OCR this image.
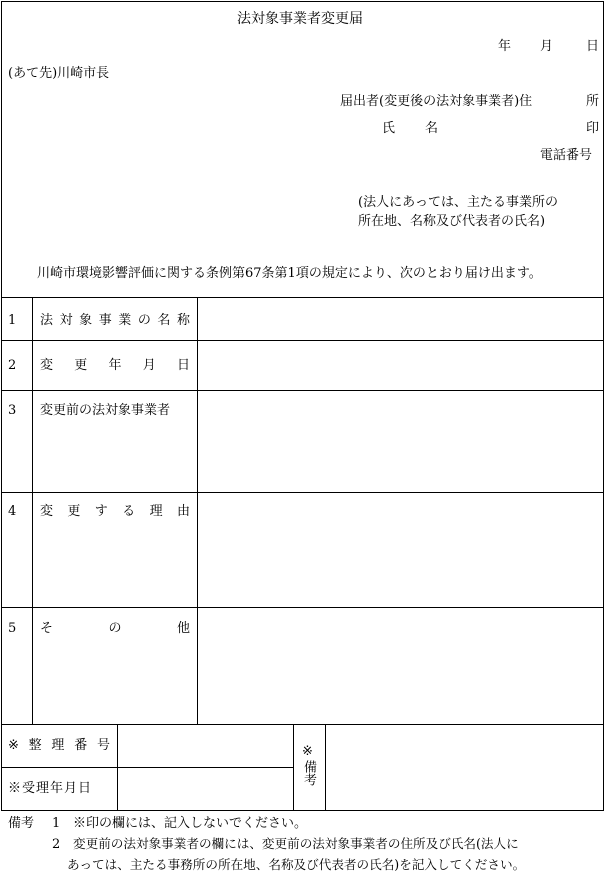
法対象事業者変更届
年 月	日
(あて先)川崎市長
届出者(変更後の法対象事業者)住	所
氏 名	印
電話番号
(法人にあっては、主たる事業所の
所在地、名称及び代表者の氏名)
川崎市環境影響評価に関する条例第67条第1項の規定により、次のとおり届け出ます。
1 法 対 象 事 業 の 名 称
2 変 更 年 月 日
3 変更前の法対象事業者
4 変 更 す る 理 由
5 そ	の	他
※ 整 理 番 号
※受理年月日
※
備考
備考 1 ※印の欄には、記入しないでください。
2 変更前の法対象事業者の欄には、変更前の法対象事業者の住所及び氏名(法人に
あっては、主たる事務所の所在地、名称及び代表者の氏名)を記入してください。
